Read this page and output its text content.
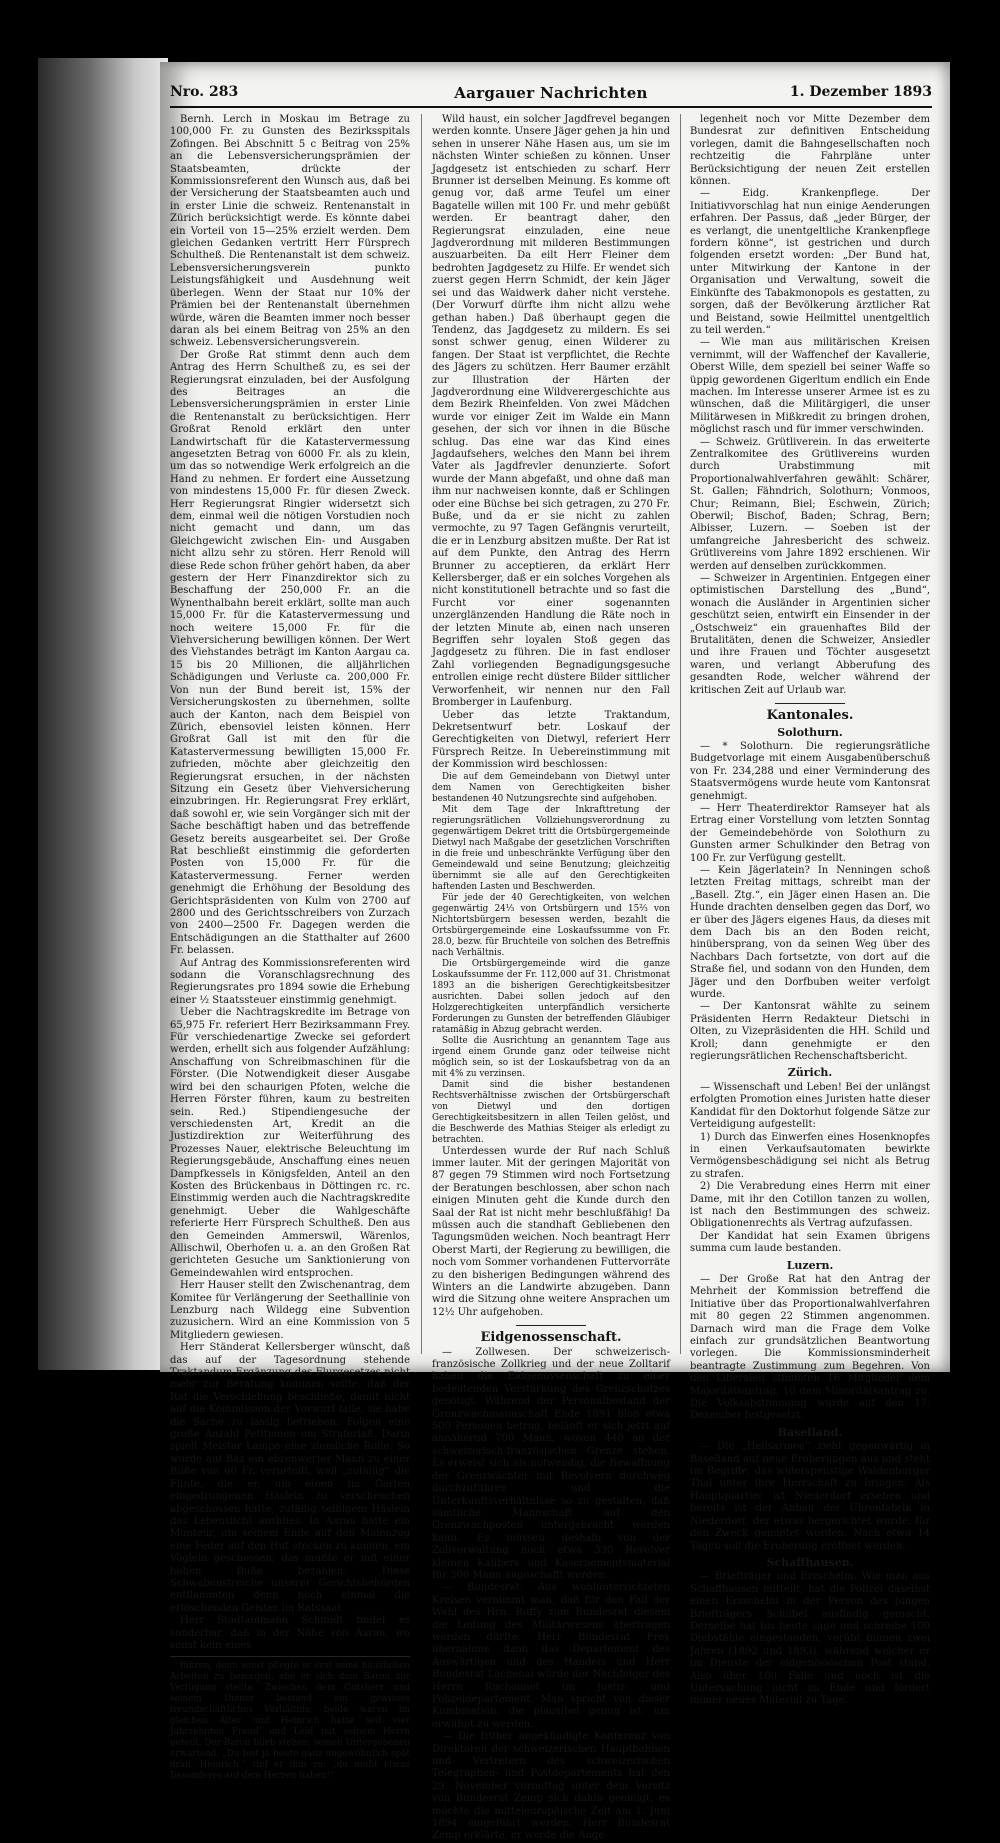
Nro. 283	Aargauer Nachrichten	1. Dezember 1893

Bernh. Lerch in Moskau im Betrage zu 100,000 Fr. zu Gunsten des Bezirksspitals Zofingen. Bei Abschnitt 5 c Beitrag von 25% an die Lebensversicherungsprämien der Staatsbeamten, drückte der Kommissionsreferent den Wunsch aus, daß bei der Versicherung der Staatsbeamten auch und in erster Linie die schweiz. Rentenanstalt in Zürich berücksichtigt werde. Es könnte dabei ein Vorteil von 15—25% erzielt werden. Dem gleichen Gedanken vertritt Herr Fürsprech Schultheß. Die Rentenanstalt ist dem schweiz. Lebensversicherungsverein punkto Leistungsfähigkeit und Ausdehnung weit überlegen. Wenn der Staat nur 10% der Prämien bei der Rentenanstalt übernehmen würde, wären die Beamten immer noch besser daran als bei einem Beitrag von 25% an den schweiz. Lebensversicherungsverein.

Der Große Rat stimmt denn auch dem Antrag des Herrn Schultheß zu, es sei der Regierungsrat einzuladen, bei der Ausfolgung des Beitrages an die Lebensversicherungsprämien in erster Linie die Rentenanstalt zu berücksichtigen. Herr Großrat Renold erklärt den unter Landwirtschaft für die Katastervermessung angesetzten Betrag von 6000 Fr. als zu klein, um das so notwendige Werk erfolgreich an die Hand zu nehmen. Er fordert eine Aussetzung von mindestens 15,000 Fr. für diesen Zweck. Herr Regierungsrat Ringier widersetzt sich dem, einmal weil die nötigen Vorstudien noch nicht gemacht und dann, um das Gleichgewicht zwischen Ein- und Ausgaben nicht allzu sehr zu stören. Herr Renold will diese Rede schon früher gehört haben, da aber gestern der Herr Finanzdirektor sich zu Beschaffung der 250,000 Fr. an die Wynenthalbahn bereit erklärt, sollte man auch 15,000 Fr. für die Katastervermessung und noch weitere 15,000 Fr. für die Viehversicherung bewilligen können. Der Wert des Viehstandes beträgt im Kanton Aargau ca. 15 bis 20 Millionen, die alljährlichen Schädigungen und Verluste ca. 200,000 Fr. Von nun der Bund bereit ist, 15% der Versicherungskosten zu übernehmen, sollte auch der Kanton, nach dem Beispiel von Zürich, ebensoviel leisten können. Herr Großrat Gall ist mit den für die Katastervermessung bewilligten 15,000 Fr. zufrieden, möchte aber gleichzeitig den Regierungsrat ersuchen, in der nächsten Sitzung ein Gesetz über Viehversicherung einzubringen. Hr. Regierungsrat Frey erklärt, daß sowohl er, wie sein Vorgänger sich mit der Sache beschäftigt haben und das betreffende Gesetz bereits ausgearbeitet sei. Der Große Rat beschließt einstimmig die geforderten Posten von 15,000 Fr. für die Katastervermessung. Ferner werden genehmigt die Erhöhung der Besoldung des Gerichtspräsidenten von Kulm von 2700 auf 2800 und des Gerichtsschreibers von Zurzach von 2400—2500 Fr. Dagegen werden die Entschädigungen an die Statthalter auf 2600 Fr. belassen.

Auf Antrag des Kommissionsreferenten wird sodann die Voranschlagsrechnung des Regierungsrates pro 1894 sowie die Erhebung einer ½ Staatssteuer einstimmig genehmigt.

Ueber die Nachtragskredite im Betrage von 65,975 Fr. referiert Herr Bezirksammann Frey. Für verschiedenartige Zwecke sei gefordert werden, erhellt sich aus folgender Aufzählung: Anschaffung von Schreibmaschinen für die Förster. (Die Notwendigkeit dieser Ausgabe wird bei den schaurigen Pfoten, welche die Herren Förster führen, kaum zu bestreiten sein. Red.) Stipendiengesuche der verschiedensten Art, Kredit an die Justizdirektion zur Weiterführung des Prozesses Nauer, elektrische Beleuchtung im Regierungsgebäude, Anschaffung eines neuen Dampfkessels in Königsfelden, Anteil an den Kosten des Brückenbaus in Döttingen rc. rc. Einstimmig werden auch die Nachtragskredite genehmigt. Ueber die Wahlgeschäfte referierte Herr Fürsprech Schultheß. Den aus den Gemeinden Ammerswil, Wärenlos, Allischwil, Oberhofen u. a. an den Großen Rat gerichteten Gesuche um Sanktionierung von Gemeindewahlen wird entsprochen.

Herr Hauser stellt den Zwischenantrag, dem Komitee für Verlängerung der Seethallinie von Lenzburg nach Wildegg eine Subvention zuzusichern. Wird an eine Kommission von 5 Mitgliedern gewiesen.

Herr Ständerat Kellersberger wünscht, daß das auf der Tagesordnung stehende Traktandum Ergänzung des Flurgesetzes nicht mehr zur Beratung kommen sollte, daß der Rat die Verschiebung beschließe, damit nicht auf die Kommission der Vorwurf falle, sie habe die Sache zu lässig betrieben. Folgen eine große Anzahl Petitionen um Straferlaß. Darin spielt Meister Lampe eine ziemliche Rolle. So wurde auf Bäz ein ehrenwerter Mann zu einer Buße von 60 Fr. verurteilt, weil „zufällig“ die Flinte, die er, um einen im Garten eingedrungenen Häslein zu verscheuchen abgeschossen hatte, zufällig selbigem Häslein das Lebenslicht ausblies. In Aarau hatte ein Monteur, um seinem Ende auf den Maienzug eine Feder auf den Hut stecken zu können, ein Vöglein geschossen; das mußte er mit einer hohen Buße bezahlen. Diese Schwabenstreiche unserer Gerichtsbehörden entflammten denn noch einmal die erlöschenden Geister im Ratssaal.

Herr Stadtammann Schmidt findet es sonderbar, daß in der Nähe von Aarau, wo sonst kein eines

führen, denn sonst pflegte er erst seine häuslichen Arbeiten zu besorgen, ehe er sich dem Baron zur Verfügung stellte. Zwischen dem Gutsherr und seinem Diener bestand ein gewisses freundschaftliches Verhältnis; beide waren im gleichen Alter und Heinrich hatte seit vier Jahrzehnten Freud' und Leid mit seinem Herrn geteilt. Der Baron blieb stehen, seinen Untergebenen erwartend. „Du bist ja heute ganz ungewöhnlich spät dran, Heinrich,“ rief er ihm zu; „du mußt etwas Besonderes auf dem Herzen haben!“

Wild haust, ein solcher Jagdfrevel begangen werden konnte. Unsere Jäger gehen ja hin und sehen in unserer Nähe Hasen aus, um sie im nächsten Winter schießen zu können. Unser Jagdgesetz ist entschieden zu scharf. Herr Brunner ist derselben Meinung. Es komme oft genug vor, daß arme Teufel um einer Bagatelle willen mit 100 Fr. und mehr gebüßt werden. Er beantragt daher, den Regierungsrat einzuladen, eine neue Jagdverordnung mit milderen Bestimmungen auszuarbeiten. Da eilt Herr Fleiner dem bedrohten Jagdgesetz zu Hilfe. Er wendet sich zuerst gegen Herrn Schmidt, der kein Jäger sei und das Waidwerk daher nicht verstehe. (Der Vorwurf dürfte ihm nicht allzu wehe gethan haben.) Daß überhaupt gegen die Tendenz, das Jagdgesetz zu mildern. Es sei sonst schwer genug, einen Wilderer zu fangen. Der Staat ist verpflichtet, die Rechte des Jägers zu schützen. Herr Baumer erzählt zur Illustration der Härten der Jagdverordnung eine Wildverergeschichte aus dem Bezirk Rheinfelden. Von zwei Mädchen wurde vor einiger Zeit im Walde ein Mann gesehen, der sich vor ihnen in die Büsche schlug. Das eine war das Kind eines Jagdaufsehers, welches den Mann bei ihrem Vater als Jagdfrevler denunzierte. Sofort wurde der Mann abgefaßt, und ohne daß man ihm nur nachweisen konnte, daß er Schlingen oder eine Büchse bei sich getragen, zu 270 Fr. Buße, und da er sie nicht zu zahlen vermochte, zu 97 Tagen Gefängnis verurteilt, die er in Lenzburg absitzen mußte. Der Rat ist auf dem Punkte, den Antrag des Herrn Brunner zu acceptieren, da erklärt Herr Kellersberger, daß er ein solches Vorgehen als nicht konstitutionell betrachte und so fast die Furcht vor einer sogenannten unzerglänzenden Handlung die Räte noch in der letzten Minute ab, einen nach unseren Begriffen sehr loyalen Stoß gegen das Jagdgesetz zu führen. Die in fast endloser Zahl vorliegenden Begnadigungsgesuche entrollen einige recht düstere Bilder sittlicher Verworfenheit, wir nennen nur den Fall Bromberger in Laufenburg.

Ueber das letzte Traktandum, Dekretsentwurf betr. Loskauf der Gerechtigkeiten von Dietwyl, referiert Herr Fürsprech Reitze. In Uebereinstimmung mit der Kommission wird beschlossen:

Die auf dem Gemeindebann von Dietwyl unter dem Namen von Gerechtigkeiten bisher bestandenen 40 Nutzungsrechte sind aufgehoben.

Mit dem Tage der Inkrafttretung der regierungsrätlichen Vollziehungsverordnung zu gegenwärtigem Dekret tritt die Ortsbürgergemeinde Dietwyl nach Maßgabe der gesetzlichen Vorschriften in die freie und unbeschränkte Verfügung über den Gemeindewald und seine Benutzung; gleichzeitig übernimmt sie alle auf den Gerechtigkeiten haftenden Lasten und Beschwerden.

Für jede der 40 Gerechtigkeiten, von welchen gegenwärtig 24⅓ von Ortsbürgern und 15⅔ von Nichtortsbürgern besessen werden, bezahlt die Ortsbürgergemeinde eine Loskaufssumme von Fr. 28.0, bezw. für Bruchteile von solchen des Betreffnis nach Verhältnis.

Die Ortsbürgergemeinde wird die ganze Loskaufssumme der Fr. 112,000 auf 31. Christmonat 1893 an die bisherigen Gerechtigkeitsbesitzer ausrichten. Dabei sollen jedoch auf den Holzgerechtigkeiten unterpfändlich versicherte Forderungen zu Gunsten der betreffenden Gläubiger ratamäßig in Abzug gebracht werden.

Sollte die Ausrichtung an genanntem Tage aus irgend einem Grunde ganz oder teilweise nicht möglich sein, so ist der Loskaufsbetrag von da an mit 4% zu verzinsen.

Damit sind die bisher bestandenen Rechtsverhältnisse zwischen der Ortsbürgerschaft von Dietwyl und den dortigen Gerechtigkeitsbesitzern in allen Teilen gelöst, und die Beschwerde des Mathias Steiger als erledigt zu betrachten.

Unterdessen wurde der Ruf nach Schluß immer lauter. Mit der geringen Majorität von 87 gegen 79 Stimmen wird noch Fortsetzung der Beratungen beschlossen, aber schon nach einigen Minuten geht die Kunde durch den Saal der Rat ist nicht mehr beschlußfähig! Da müssen auch die standhaft Gebliebenen den Tagungsmüden weichen. Noch beantragt Herr Oberst Marti, der Regierung zu bewilligen, die noch vom Sommer vorhandenen Futtervorräte zu den bisherigen Bedingungen während des Winters an die Landwirte abzugeben. Dann wird die Sitzung ohne weitere Ansprachen um 12½ Uhr aufgehoben.

Eidgenossenschaft.

— Zollwesen. Der schweizerisch-französische Zollkrieg und der neue Zolltarif haben die Eidgenossenschaft zu einer bedeutenden Verstärkung des Grenzschutzes genötigt. Während der Personalbestand der Grenzwachmannschaft Ende 1891 bloß etwa 500 Personen betrug, beläuft er sich jetzt auf annähernd 700 Mann, wovon 440 an der schweizerisch-französischen Grenze stehen. Es erweist sich als notwendig, die Bewaffnung der Grenzwächter mit Revolvern durchweg durchzuführen und die Unterkunftsverhältnisse so zu gestalten, daß sämtliche Mannschaft auf den Grenzwachposten untergebracht werden kann. Es müssen deshalb von der Zollverwaltung noch etwa 330 Revolver kleinen Kalibers und Kasernementsmaterial für 300 Mann angeschafft werden.

— Bundesrat. Aus wohlunterrichteten Kreisen vernimmt man, daß für den Fall der Wahl des Hrn. Ruffy zum Bundesrat diesem die Leitung des Militärwesens übertragen werden dürfte. Herr Bundesrat Frey übernähme dann das Departement des Auswärtigen und des Handels und Herr Bundesrat Lachenal würde der Nachfolger des Herrn Ruchonnet im Justiz- und Polizeidepartement. Man spricht von dieser Kombination, die plausibel genug ist, um erwähnt zu werden.

— Die früher angekündigte Konferenz von Direktoren der schweizerischen Hauptbahnen und Vertretern des schweizerischen Telegraphen- und Postdepartements hat den 29. November vormittag unter dem Vorsitz von Bundesrat Zemp sich dahin geeinigt, es möchte die mitteleuropäische Zeit am 1. Juni 1894 eingeführt werden. Herr Bundesrat Zemp erklärte, er werde die Ange-

legenheit noch vor Mitte Dezember dem Bundesrat zur definitiven Entscheidung vorlegen, damit die Bahngesellschaften noch rechtzeitig die Fahrpläne unter Berücksichtigung der neuen Zeit erstellen können.

— Eidg. Krankenpflege. Der Initiativvorschlag hat nun einige Aenderungen erfahren. Der Passus, daß „jeder Bürger, der es verlangt, die unentgeltliche Krankenpflege fordern könne“, ist gestrichen und durch folgenden ersetzt worden: „Der Bund hat, unter Mitwirkung der Kantone in der Organisation und Verwaltung, soweit die Einkünfte des Tabakmonopols es gestatten, zu sorgen, daß der Bevölkerung ärztlicher Rat und Beistand, sowie Heilmittel unentgeltlich zu teil werden.“

— Wie man aus militärischen Kreisen vernimmt, will der Waffenchef der Kavallerie, Oberst Wille, dem speziell bei seiner Waffe so üppig gewordenen Gigerltum endlich ein Ende machen. Im Interesse unserer Armee ist es zu wünschen, daß die Militärgigerl, die unser Militärwesen in Mißkredit zu bringen drohen, möglichst rasch und für immer verschwinden.

— Schweiz. Grütliverein. In das erweiterte Zentralkomitee des Grütlivereins wurden durch Urabstimmung mit Proportionalwahlverfahren gewählt: Schärer, St. Gallen; Fähndrich, Solothurn; Vonmoos, Chur; Reimann, Biel; Eschwein, Zürich; Oberwil; Bischof, Baden; Schrag, Bern; Albisser, Luzern. — Soeben ist der umfangreiche Jahresbericht des schweiz. Grütlivereins vom Jahre 1892 erschienen. Wir werden auf denselben zurückkommen.

— Schweizer in Argentinien. Entgegen einer optimistischen Darstellung des „Bund“, wonach die Ausländer in Argentinien sicher geschützt seien, entwirft ein Einsender in der „Ostschweiz“ ein grauenhaftes Bild der Brutalitäten, denen die Schweizer, Ansiedler und ihre Frauen und Töchter ausgesetzt waren, und verlangt Abberufung des gesandten Rode, welcher während der kritischen Zeit auf Urlaub war.

Kantonales.

Solothurn.

— * Solothurn. Die regierungsrätliche Budgetvorlage mit einem Ausgabenüberschuß von Fr. 234,288 und einer Verminderung des Staatsvermögens wurde heute vom Kantonsrat genehmigt.

— Herr Theaterdirektor Ramseyer hat als Ertrag einer Vorstellung vom letzten Sonntag der Gemeindebehörde von Solothurn zu Gunsten armer Schulkinder den Betrag von 100 Fr. zur Verfügung gestellt.

— Kein Jägerlatein? In Nenningen schoß letzten Freitag mittags, schreibt man der „Basell. Ztg.“, ein Jäger einen Hasen an. Die Hunde drachten denselben gegen das Dorf, wo er über des Jägers eigenes Haus, da dieses mit dem Dach bis an den Boden reicht, hinübersprang, von da seinen Weg über des Nachbars Dach fortsetzte, von dort auf die Straße fiel, und sodann von den Hunden, dem Jäger und den Dorfbuben weiter verfolgt wurde.

— Der Kantonsrat wählte zu seinem Präsidenten Herrn Redakteur Dietschi in Olten, zu Vizepräsidenten die HH. Schild und Kroll; dann genehmigte er den regierungsrätlichen Rechenschaftsbericht.

Zürich.

— Wissenschaft und Leben! Bei der unlängst erfolgten Promotion eines Juristen hatte dieser Kandidat für den Doktorhut folgende Sätze zur Verteidigung aufgestellt:

1) Durch das Einwerfen eines Hosenknopfes in einen Verkaufsautomaten bewirkte Vermögensbeschädigung sei nicht als Betrug zu strafen.

2) Die Verabredung eines Herrn mit einer Dame, mit ihr den Cotillon tanzen zu wollen, ist nach den Bestimmungen des schweiz. Obligationenrechts als Vertrag aufzufassen.

Der Kandidat hat sein Examen übrigens summa cum laude bestanden.

Luzern.

— Der Große Rat hat den Antrag der Mehrheit der Kommission betreffend die Initiative über das Proportionalwahlverfahren mit 80 gegen 22 Stimmen angenommen. Darnach wird man die Frage dem Volke einfach zur grundsätzlichen Beantwortung vorlegen. Die Kommissionsminderheit beantragte Zustimmung zum Begehren. Von den Liberalen stimmten 16 Mitglieder dem Majoritätsantrag, 10 dem Minoritätsantrag zu. Die Volksabstimmung wurde auf den 17. Dezember festgesetzt.

Baselland.

— Die „Heilsarmee“ zieht gegenwärtig in Baselland auf neue Eroberungen aus und steht im Begriffe, das widerspenstige Waldenburger Thal unter ihre Herrschaft zu bringen. Als Hauptquartier ist Niederdorf ersehen und bereits ist der Anbau der Uhrenfabrik in Niederdorf, der etwas hergerichtet wurde, für den Zweck gemietet worden. Nach etwa 14 Tagen soll die Eroberung eröffnet werden.

Schaffhausen.

— Briefträger und Erzschelm. Wie man aus Schaffhausen mitteilt, hat die Polizei daselbst einen Erzschelm in der Person des jungen Briefträgers Schubel ausfindig gemacht. Derselbe hat bis heute sage und schreibe 100 Diebstähle eingestanden, verübt binnen zwei Jahren (1892 und 1893), während welcher er im Dienste der eidgenössischen Post stand. Also über 100 Fälle und noch ist die Untersuchung nicht zu Ende und fördert immer neues Material zu Tage.
